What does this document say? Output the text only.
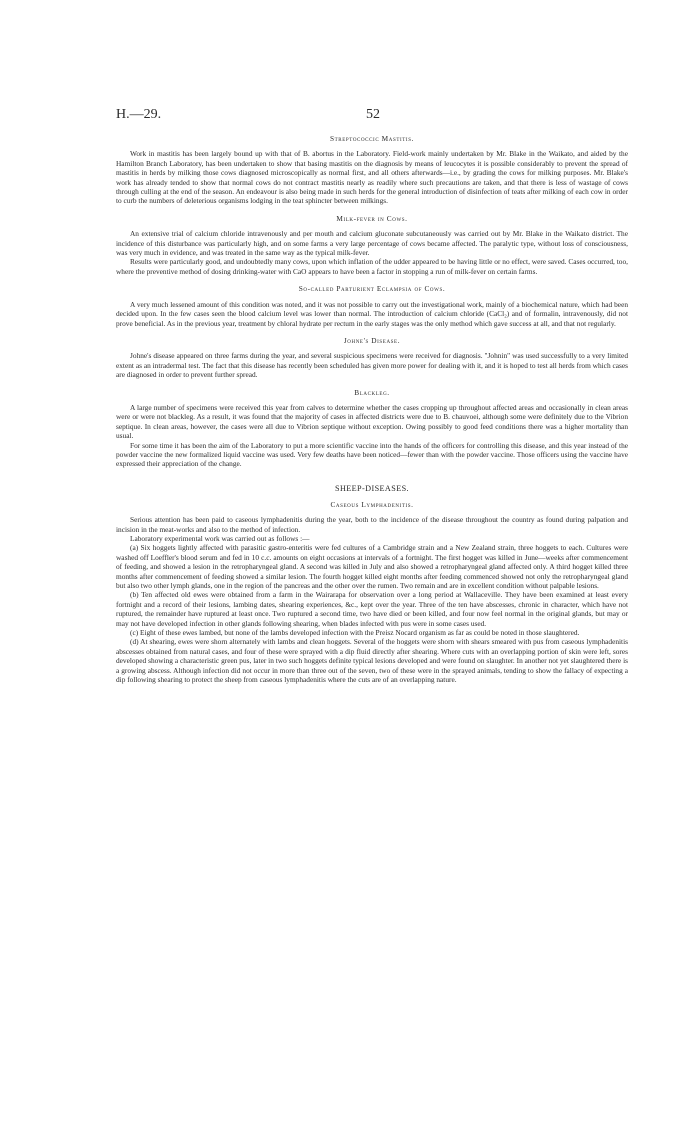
H.—29.	52

Streptococcic Mastitis.

Work in mastitis has been largely bound up with that of B. abortus in the Laboratory. Field-work mainly undertaken by Mr. Blake in the Waikato, and aided by the Hamilton Branch Laboratory, has been undertaken to show that basing mastitis on the diagnosis by means of leucocytes it is possible considerably to prevent the spread of mastitis in herds by milking those cows diagnosed microscopically as normal first, and all others afterwards—i.e., by grading the cows for milking purposes. Mr. Blake's work has already tended to show that normal cows do not contract mastitis nearly as readily where such precautions are taken, and that there is less of wastage of cows through culling at the end of the season. An endeavour is also being made in such herds for the general introduction of disinfection of teats after milking of each cow in order to curb the numbers of deleterious organisms lodging in the teat sphincter between milkings.

Milk-fever in Cows.

An extensive trial of calcium chloride intravenously and per mouth and calcium gluconate subcutaneously was carried out by Mr. Blake in the Waikato district. The incidence of this disturbance was particularly high, and on some farms a very large percentage of cows became affected. The paralytic type, without loss of consciousness, was very much in evidence, and was treated in the same way as the typical milk-fever.

Results were particularly good, and undoubtedly many cows, upon which inflation of the udder appeared to be having little or no effect, were saved. Cases occurred, too, where the preventive method of dosing drinking-water with CaO appears to have been a factor in stopping a run of milk-fever on certain farms.

So-called Parturient Eclampsia of Cows.

A very much lessened amount of this condition was noted, and it was not possible to carry out the investigational work, mainly of a biochemical nature, which had been decided upon. In the few cases seen the blood calcium level was lower than normal. The introduction of calcium chloride (CaCl₂) and of formalin, intravenously, did not prove beneficial. As in the previous year, treatment by chloral hydrate per rectum in the early stages was the only method which gave success at all, and that not regularly.

Johne's Disease.

Johne's disease appeared on three farms during the year, and several suspicious specimens were received for diagnosis. "Johnin" was used successfully to a very limited extent as an intradermal test. The fact that this disease has recently been scheduled has given more power for dealing with it, and it is hoped to test all herds from which cases are diagnosed in order to prevent further spread.

Blackleg.

A large number of specimens were received this year from calves to determine whether the cases cropping up throughout affected areas and occasionally in clean areas were or were not blackleg. As a result, it was found that the majority of cases in affected districts were due to B. chauvoei, although some were definitely due to the Vibrion septique. In clean areas, however, the cases were all due to Vibrion septique without exception. Owing possibly to good feed conditions there was a higher mortality than usual.

For some time it has been the aim of the Laboratory to put a more scientific vaccine into the hands of the officers for controlling this disease, and this year instead of the powder vaccine the new formalized liquid vaccine was used. Very few deaths have been noticed—fewer than with the powder vaccine. Those officers using the vaccine have expressed their appreciation of the change.

SHEEP-DISEASES.

Caseous Lymphadenitis.

Serious attention has been paid to caseous lymphadenitis during the year, both to the incidence of the disease throughout the country as found during palpation and incision in the meat-works and also to the method of infection.

Laboratory experimental work was carried out as follows :—

(a) Six hoggets lightly affected with parasitic gastro-enteritis were fed cultures of a Cambridge strain and a New Zealand strain, three hoggets to each. Cultures were washed off Loeffler's blood serum and fed in 10 c.c. amounts on eight occasions at intervals of a fortnight. The first hogget was killed in June—weeks after commencement of feeding, and showed a lesion in the retropharyngeal gland. A second was killed in July and also showed a retropharyngeal gland affected only. A third hogget killed three months after commencement of feeding showed a similar lesion. The fourth hogget killed eight months after feeding commenced showed not only the retropharyngeal gland but also two other lymph glands, one in the region of the pancreas and the other over the rumen. Two remain and are in excellent condition without palpable lesions.

(b) Ten affected old ewes were obtained from a farm in the Wairarapa for observation over a long period at Wallaceville. They have been examined at least every fortnight and a record of their lesions, lambing dates, shearing experiences, &c., kept over the year. Three of the ten have abscesses, chronic in character, which have not ruptured, the remainder have ruptured at least once. Two ruptured a second time, two have died or been killed, and four now feel normal in the original glands, but may or may not have developed infection in other glands following shearing, when blades infected with pus were in some cases used.

(c) Eight of these ewes lambed, but none of the lambs developed infection with the Preisz Nocard organism as far as could be noted in those slaughtered.

(d) At shearing, ewes were shorn alternately with lambs and clean hoggets. Several of the hoggets were shorn with shears smeared with pus from caseous lymphadenitis abscesses obtained from natural cases, and four of these were sprayed with a dip fluid directly after shearing. Where cuts with an overlapping portion of skin were left, sores developed showing a characteristic green pus, later in two such hoggets definite typical lesions developed and were found on slaughter. In another not yet slaughtered there is a growing abscess. Although infection did not occur in more than three out of the seven, two of these were in the sprayed animals, tending to show the fallacy of expecting a dip following shearing to protect the sheep from caseous lymphadenitis where the cuts are of an overlapping nature.
